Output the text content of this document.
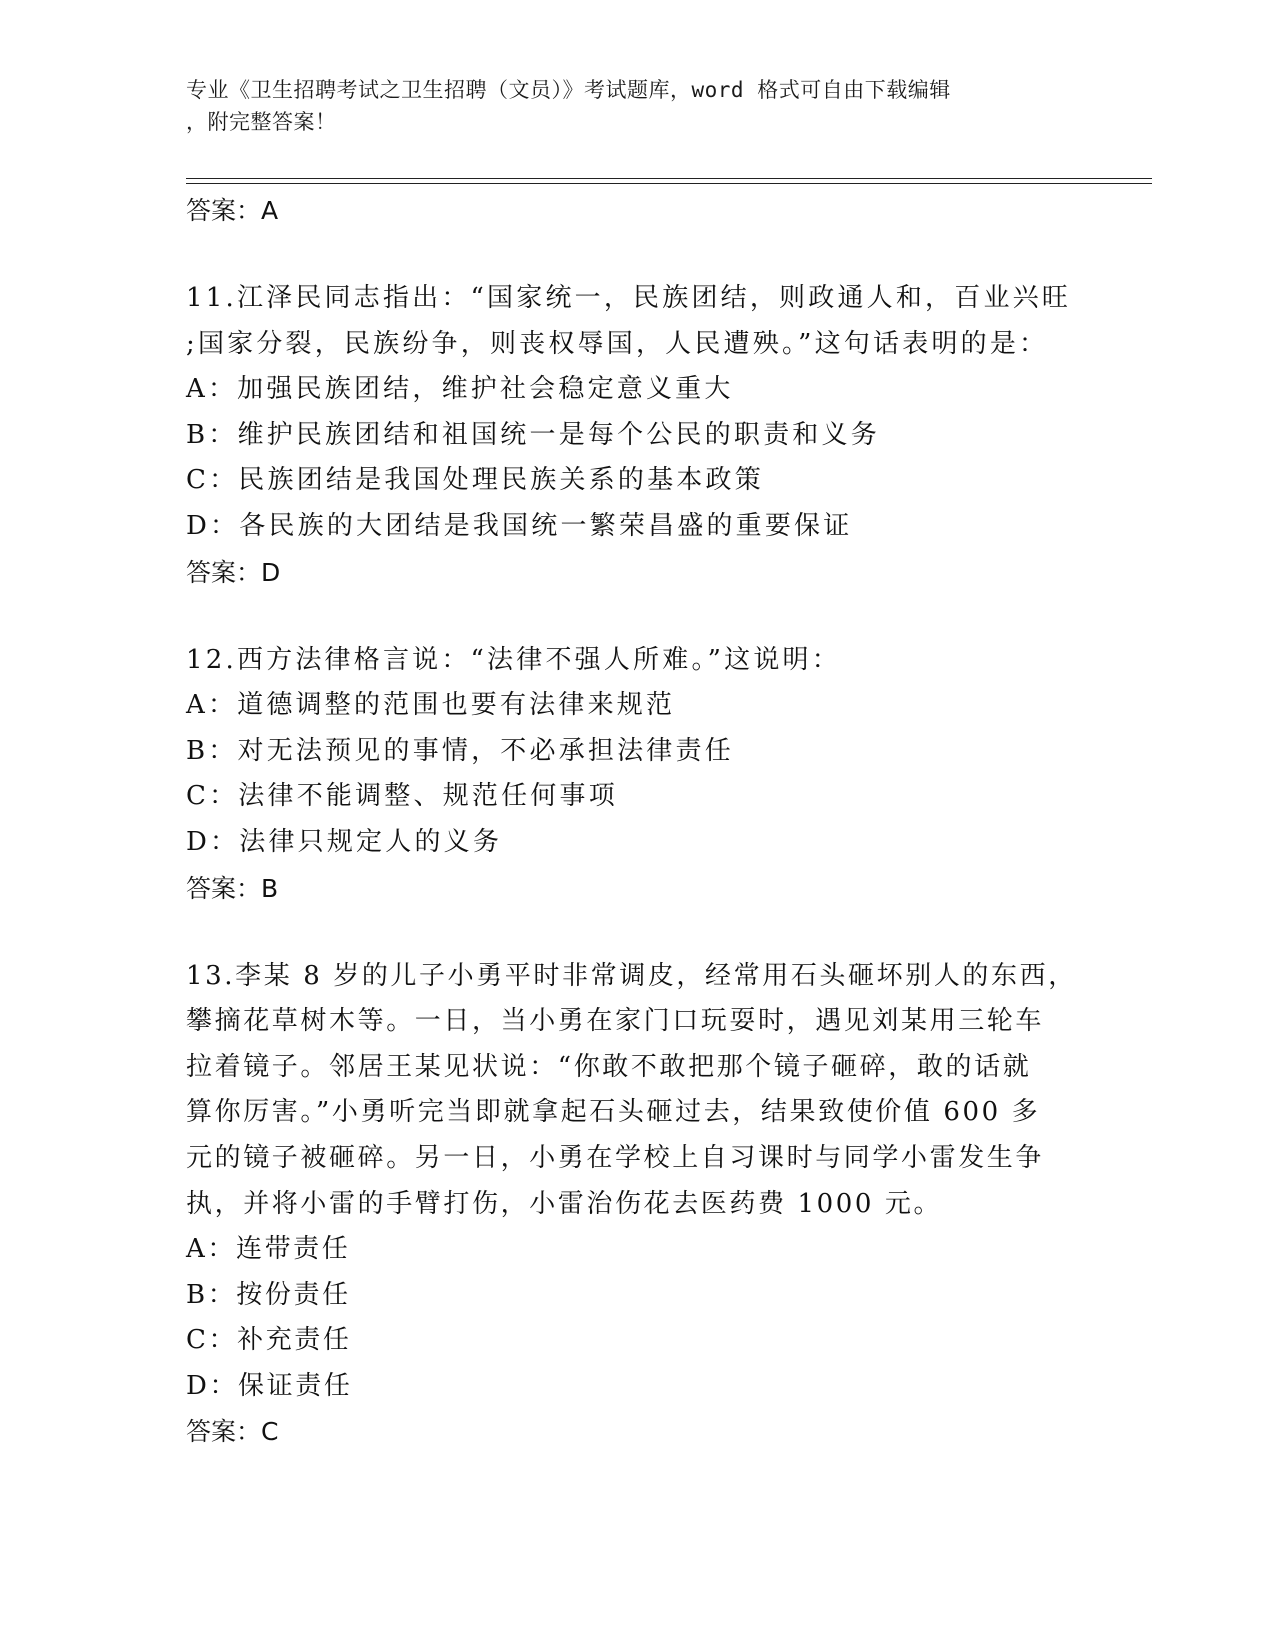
专业《卫生招聘考试之卫生招聘（文员）》考试题库，word 格式可自由下载编辑
，附完整答案！
答案：A
11.江泽民同志指出：“国家统一，民族团结，则政通人和，百业兴旺
;国家分裂，民族纷争，则丧权辱国，人民遭殃。”这句话表明的是：
A：加强民族团结，维护社会稳定意义重大
B：维护民族团结和祖国统一是每个公民的职责和义务
C：民族团结是我国处理民族关系的基本政策
D：各民族的大团结是我国统一繁荣昌盛的重要保证
答案：D
12.西方法律格言说：“法律不强人所难。”这说明：
A：道德调整的范围也要有法律来规范
B：对无法预见的事情，不必承担法律责任
C：法律不能调整、规范任何事项
D：法律只规定人的义务
答案：B
13.李某 8 岁的儿子小勇平时非常调皮，经常用石头砸坏别人的东西，
攀摘花草树木等。一日，当小勇在家门口玩耍时，遇见刘某用三轮车
拉着镜子。邻居王某见状说：“你敢不敢把那个镜子砸碎，敢的话就
算你厉害。”小勇听完当即就拿起石头砸过去，结果致使价值 600 多
元的镜子被砸碎。另一日，小勇在学校上自习课时与同学小雷发生争
执，并将小雷的手臂打伤，小雷治伤花去医药费 1000 元。
A：连带责任
B：按份责任
C：补充责任
D：保证责任
答案：C
